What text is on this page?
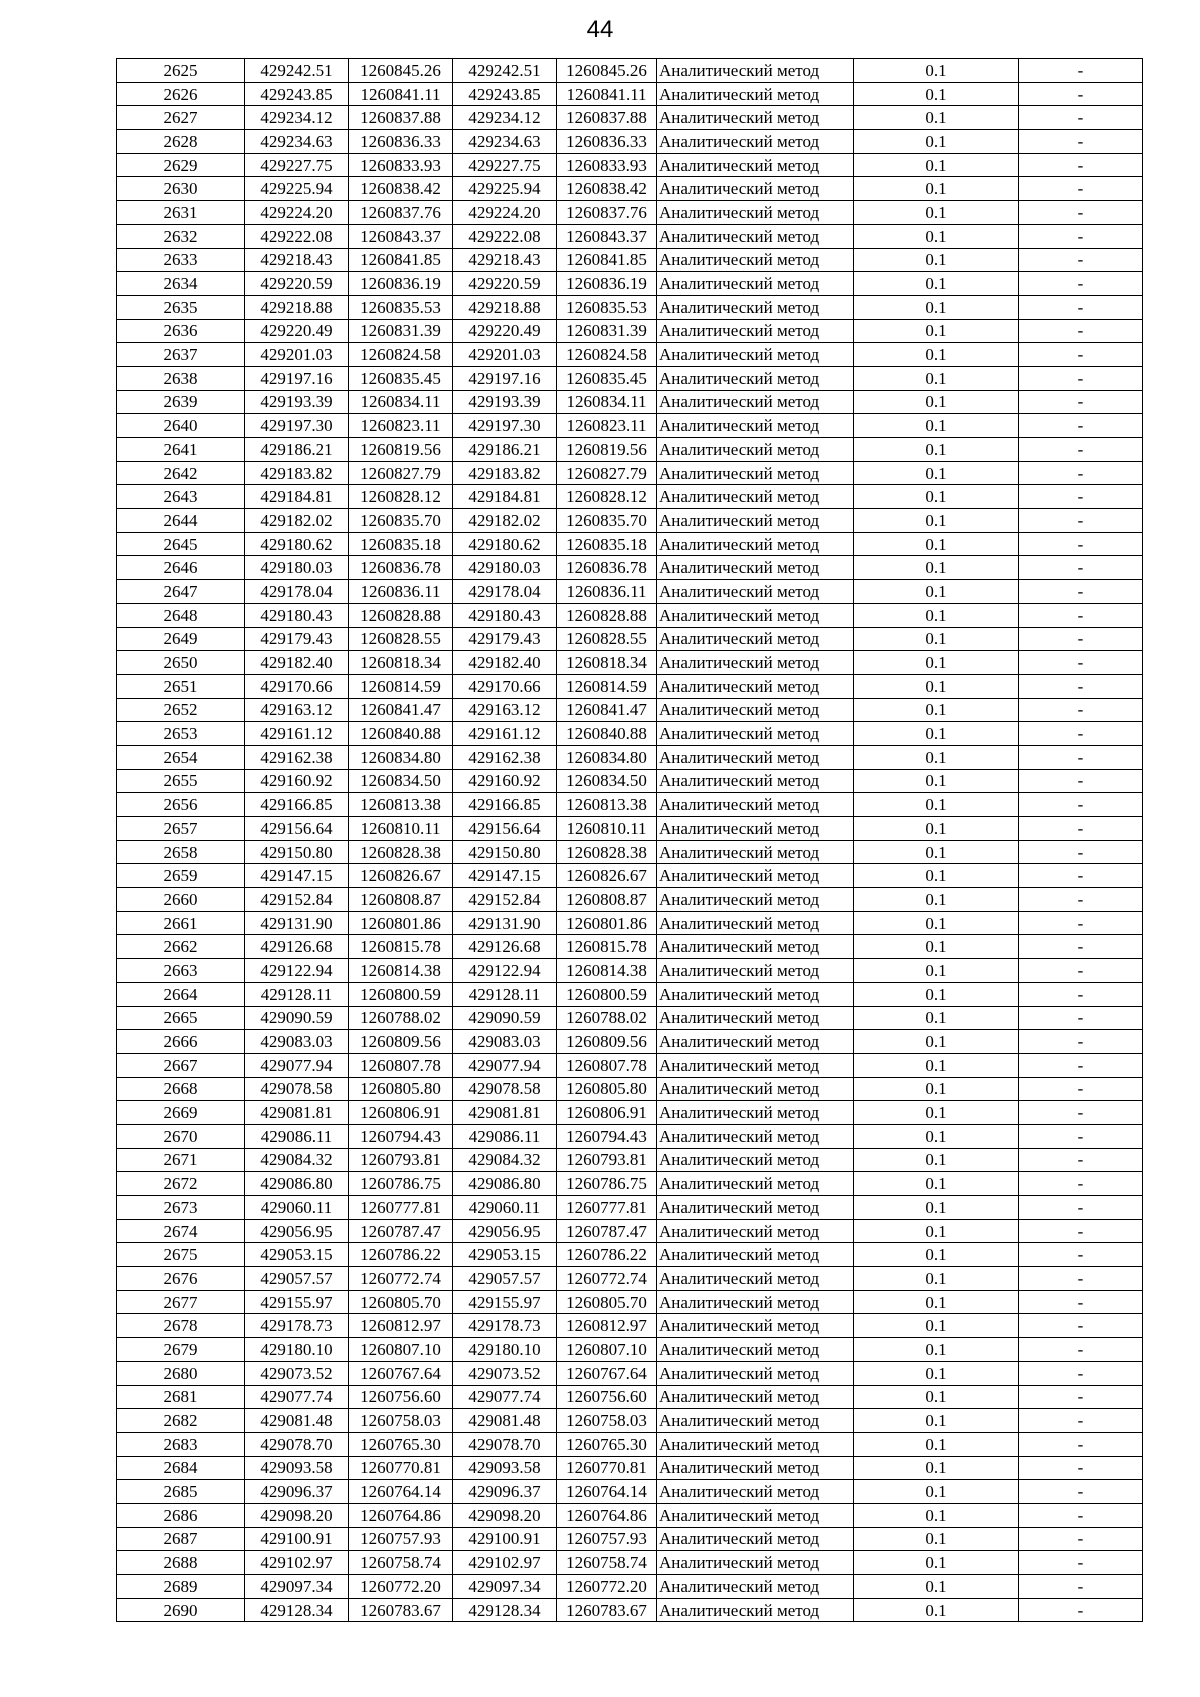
44
2625	429242.51	1260845.26	429242.51	1260845.26	Аналитический метод	0.1	-
2626	429243.85	1260841.11	429243.85	1260841.11	Аналитический метод	0.1	-
2627	429234.12	1260837.88	429234.12	1260837.88	Аналитический метод	0.1	-
2628	429234.63	1260836.33	429234.63	1260836.33	Аналитический метод	0.1	-
2629	429227.75	1260833.93	429227.75	1260833.93	Аналитический метод	0.1	-
2630	429225.94	1260838.42	429225.94	1260838.42	Аналитический метод	0.1	-
2631	429224.20	1260837.76	429224.20	1260837.76	Аналитический метод	0.1	-
2632	429222.08	1260843.37	429222.08	1260843.37	Аналитический метод	0.1	-
2633	429218.43	1260841.85	429218.43	1260841.85	Аналитический метод	0.1	-
2634	429220.59	1260836.19	429220.59	1260836.19	Аналитический метод	0.1	-
2635	429218.88	1260835.53	429218.88	1260835.53	Аналитический метод	0.1	-
2636	429220.49	1260831.39	429220.49	1260831.39	Аналитический метод	0.1	-
2637	429201.03	1260824.58	429201.03	1260824.58	Аналитический метод	0.1	-
2638	429197.16	1260835.45	429197.16	1260835.45	Аналитический метод	0.1	-
2639	429193.39	1260834.11	429193.39	1260834.11	Аналитический метод	0.1	-
2640	429197.30	1260823.11	429197.30	1260823.11	Аналитический метод	0.1	-
2641	429186.21	1260819.56	429186.21	1260819.56	Аналитический метод	0.1	-
2642	429183.82	1260827.79	429183.82	1260827.79	Аналитический метод	0.1	-
2643	429184.81	1260828.12	429184.81	1260828.12	Аналитический метод	0.1	-
2644	429182.02	1260835.70	429182.02	1260835.70	Аналитический метод	0.1	-
2645	429180.62	1260835.18	429180.62	1260835.18	Аналитический метод	0.1	-
2646	429180.03	1260836.78	429180.03	1260836.78	Аналитический метод	0.1	-
2647	429178.04	1260836.11	429178.04	1260836.11	Аналитический метод	0.1	-
2648	429180.43	1260828.88	429180.43	1260828.88	Аналитический метод	0.1	-
2649	429179.43	1260828.55	429179.43	1260828.55	Аналитический метод	0.1	-
2650	429182.40	1260818.34	429182.40	1260818.34	Аналитический метод	0.1	-
2651	429170.66	1260814.59	429170.66	1260814.59	Аналитический метод	0.1	-
2652	429163.12	1260841.47	429163.12	1260841.47	Аналитический метод	0.1	-
2653	429161.12	1260840.88	429161.12	1260840.88	Аналитический метод	0.1	-
2654	429162.38	1260834.80	429162.38	1260834.80	Аналитический метод	0.1	-
2655	429160.92	1260834.50	429160.92	1260834.50	Аналитический метод	0.1	-
2656	429166.85	1260813.38	429166.85	1260813.38	Аналитический метод	0.1	-
2657	429156.64	1260810.11	429156.64	1260810.11	Аналитический метод	0.1	-
2658	429150.80	1260828.38	429150.80	1260828.38	Аналитический метод	0.1	-
2659	429147.15	1260826.67	429147.15	1260826.67	Аналитический метод	0.1	-
2660	429152.84	1260808.87	429152.84	1260808.87	Аналитический метод	0.1	-
2661	429131.90	1260801.86	429131.90	1260801.86	Аналитический метод	0.1	-
2662	429126.68	1260815.78	429126.68	1260815.78	Аналитический метод	0.1	-
2663	429122.94	1260814.38	429122.94	1260814.38	Аналитический метод	0.1	-
2664	429128.11	1260800.59	429128.11	1260800.59	Аналитический метод	0.1	-
2665	429090.59	1260788.02	429090.59	1260788.02	Аналитический метод	0.1	-
2666	429083.03	1260809.56	429083.03	1260809.56	Аналитический метод	0.1	-
2667	429077.94	1260807.78	429077.94	1260807.78	Аналитический метод	0.1	-
2668	429078.58	1260805.80	429078.58	1260805.80	Аналитический метод	0.1	-
2669	429081.81	1260806.91	429081.81	1260806.91	Аналитический метод	0.1	-
2670	429086.11	1260794.43	429086.11	1260794.43	Аналитический метод	0.1	-
2671	429084.32	1260793.81	429084.32	1260793.81	Аналитический метод	0.1	-
2672	429086.80	1260786.75	429086.80	1260786.75	Аналитический метод	0.1	-
2673	429060.11	1260777.81	429060.11	1260777.81	Аналитический метод	0.1	-
2674	429056.95	1260787.47	429056.95	1260787.47	Аналитический метод	0.1	-
2675	429053.15	1260786.22	429053.15	1260786.22	Аналитический метод	0.1	-
2676	429057.57	1260772.74	429057.57	1260772.74	Аналитический метод	0.1	-
2677	429155.97	1260805.70	429155.97	1260805.70	Аналитический метод	0.1	-
2678	429178.73	1260812.97	429178.73	1260812.97	Аналитический метод	0.1	-
2679	429180.10	1260807.10	429180.10	1260807.10	Аналитический метод	0.1	-
2680	429073.52	1260767.64	429073.52	1260767.64	Аналитический метод	0.1	-
2681	429077.74	1260756.60	429077.74	1260756.60	Аналитический метод	0.1	-
2682	429081.48	1260758.03	429081.48	1260758.03	Аналитический метод	0.1	-
2683	429078.70	1260765.30	429078.70	1260765.30	Аналитический метод	0.1	-
2684	429093.58	1260770.81	429093.58	1260770.81	Аналитический метод	0.1	-
2685	429096.37	1260764.14	429096.37	1260764.14	Аналитический метод	0.1	-
2686	429098.20	1260764.86	429098.20	1260764.86	Аналитический метод	0.1	-
2687	429100.91	1260757.93	429100.91	1260757.93	Аналитический метод	0.1	-
2688	429102.97	1260758.74	429102.97	1260758.74	Аналитический метод	0.1	-
2689	429097.34	1260772.20	429097.34	1260772.20	Аналитический метод	0.1	-
2690	429128.34	1260783.67	429128.34	1260783.67	Аналитический метод	0.1	-
